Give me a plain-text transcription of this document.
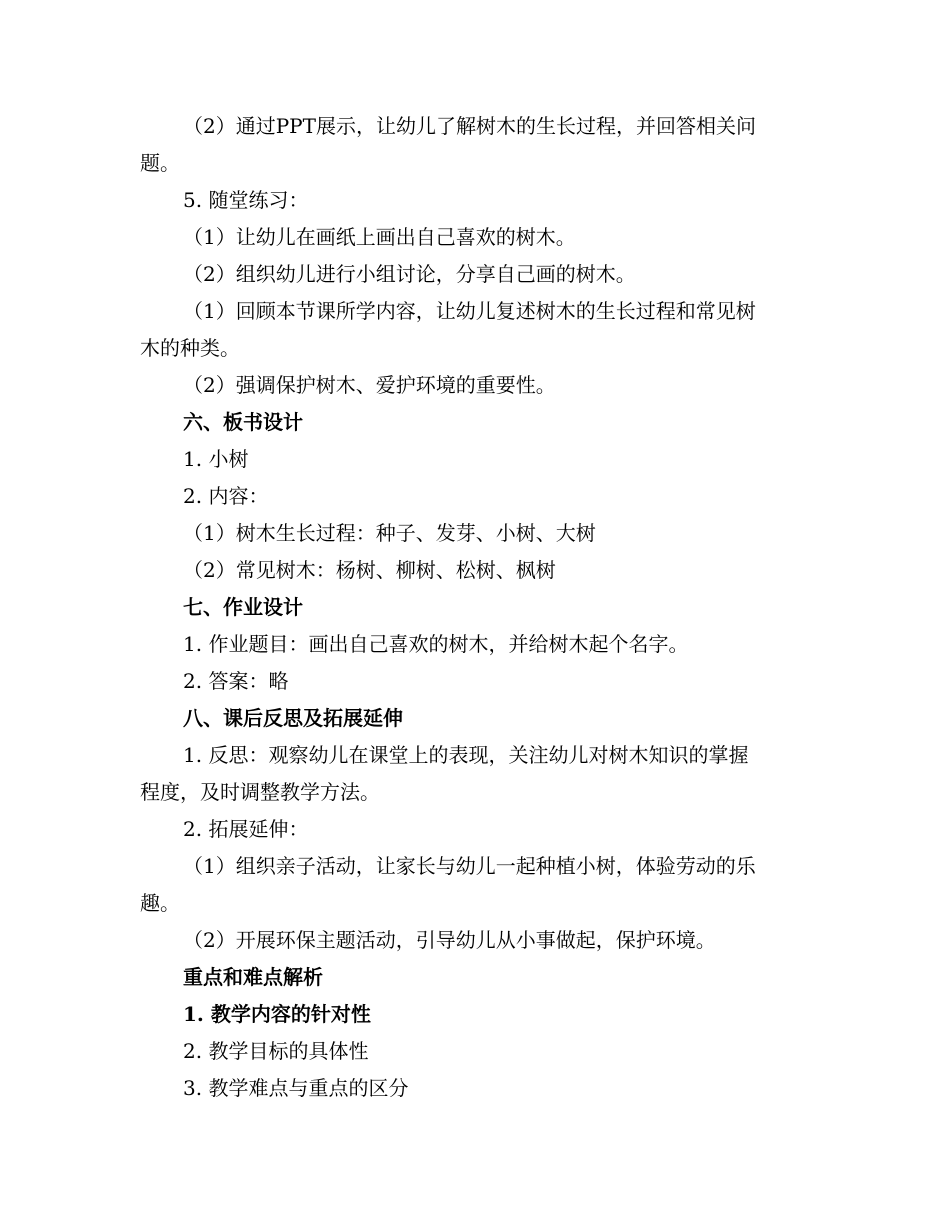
（2）通过PPT展示，让幼儿了解树木的生长过程，并回答相关问
题。
5. 随堂练习：
（1）让幼儿在画纸上画出自己喜欢的树木。
（2）组织幼儿进行小组讨论，分享自己画的树木。
（1）回顾本节课所学内容，让幼儿复述树木的生长过程和常见树
木的种类。
（2）强调保护树木、爱护环境的重要性。
六、板书设计
1. 小树
2. 内容：
（1）树木生长过程：种子、发芽、小树、大树
（2）常见树木：杨树、柳树、松树、枫树
七、作业设计
1. 作业题目：画出自己喜欢的树木，并给树木起个名字。
2. 答案：略
八、课后反思及拓展延伸
1. 反思：观察幼儿在课堂上的表现，关注幼儿对树木知识的掌握
程度，及时调整教学方法。
2. 拓展延伸：
（1）组织亲子活动，让家长与幼儿一起种植小树，体验劳动的乐
趣。
（2）开展环保主题活动，引导幼儿从小事做起，保护环境。
重点和难点解析
1. 教学内容的针对性
2. 教学目标的具体性
3. 教学难点与重点的区分
